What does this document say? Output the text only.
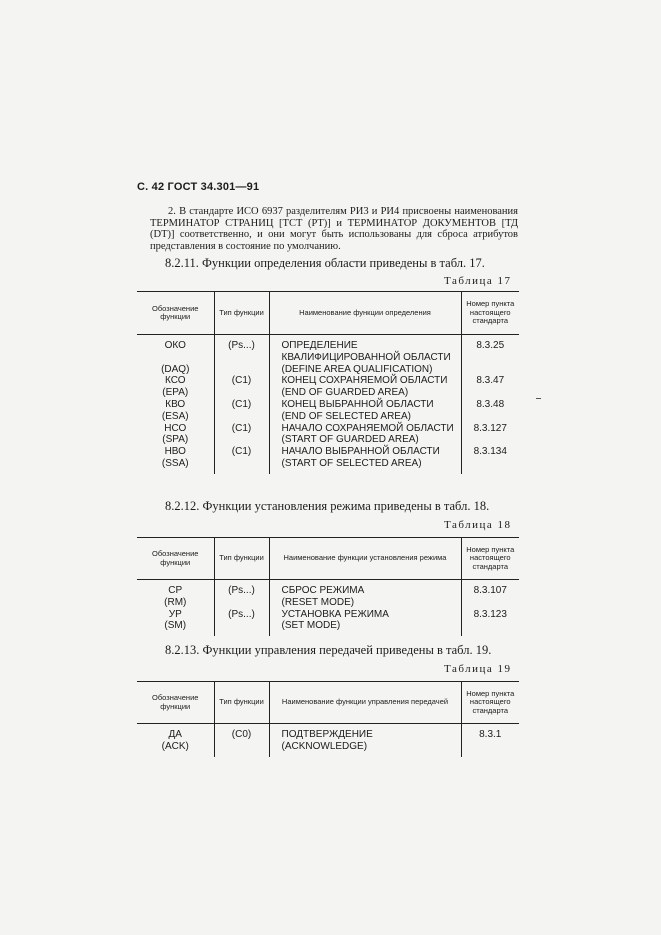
С. 42 ГОСТ 34.301—91

2. В стандарте ИСО 6937 разделителям РИ3 и РИ4 присвоены наименования ТЕРМИНАТОР СТРАНИЦ [ТСТ (PT)] и ТЕРМИНАТОР ДОКУМЕНТОВ [ТД (DT)] соответственно, и они могут быть использованы для сброса атрибутов представления в состояние по умолчанию.

8.2.11. Функции определения области приведены в табл. 17.
Таблица 17
Обозначение функции	Тип функции	Наименование функции определения	Номер пункта настоящего стандарта
ОКО	(Ps...)	ОПРЕДЕЛЕНИЕ КВАЛИФИЦИРОВАННОЙ ОБЛАСТИ	8.3.25
(DAQ)		(DEFINE AREA QUALIFICATION)	
КСО	(C1)	КОНЕЦ СОХРАНЯЕМОЙ ОБЛАСТИ	8.3.47
(EPA)		(END OF GUARDED AREA)	
КВО	(C1)	КОНЕЦ ВЫБРАННОЙ ОБЛАСТИ	8.3.48
(ESA)		(END OF SELECTED AREA)	
НСО	(C1)	НАЧАЛО СОХРАНЯЕМОЙ ОБЛАСТИ	8.3.127
(SPA)		(START OF GUARDED AREA)	
НВО	(C1)	НАЧАЛО ВЫБРАННОЙ ОБЛАСТИ	8.3.134
(SSA)		(START OF SELECTED AREA)	
8.2.12. Функции установления режима приведены в табл. 18.
Таблица 18
Обозначение функции	Тип функции	Наименование функции установления режима	Номер пункта настоящего стандарта
СР	(Ps...)	СБРОС РЕЖИМА	8.3.107
(RM)		(RESET MODE)	
УР	(Ps...)	УСТАНОВКА РЕЖИМА	8.3.123
(SM)		(SET MODE)	
8.2.13. Функции управления передачей приведены в табл. 19.
Таблица 19
Обозначение функции	Тип функции	Наименование функции управления передачей	Номер пункта настоящего стандарта
ДА	(C0)	ПОДТВЕРЖДЕНИЕ	8.3.1
(ACK)		(ACKNOWLEDGE)	
